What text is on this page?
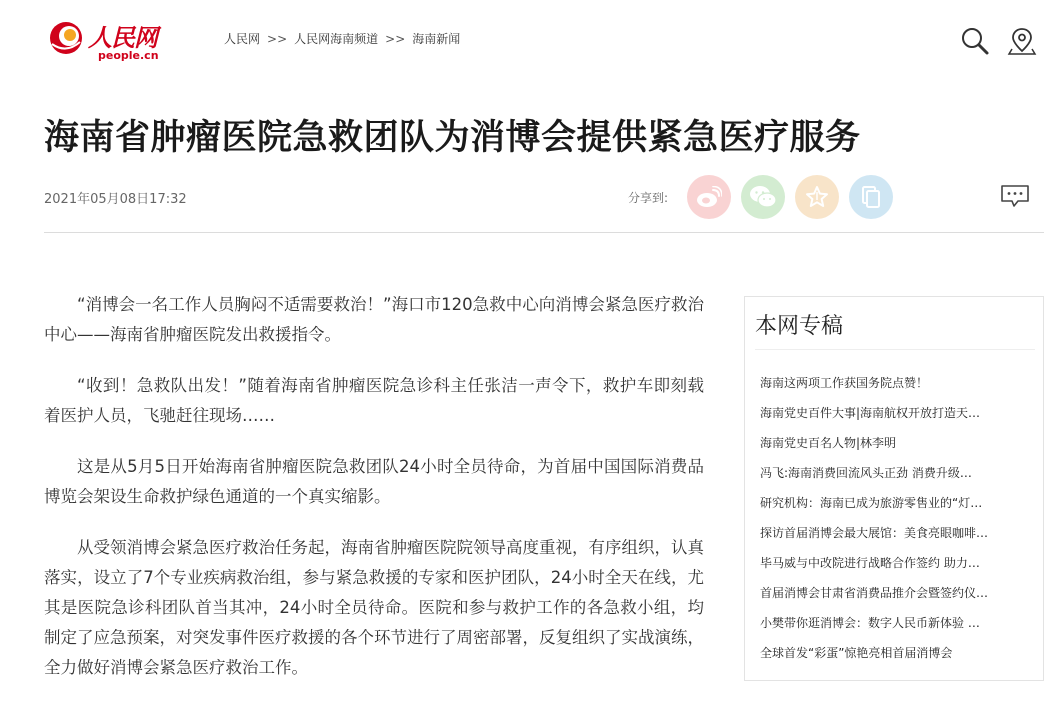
人民网
people.cn
人民网 >> 人民网海南频道 >> 海南新闻
海南省肿瘤医院急救团队为消博会提供紧急医疗服务
2021年05月08日17:32	分享到:

“消博会一名工作人员胸闷不适需要救治！”海口市120急救中心向消博会紧急医疗救治中心——海南省肿瘤医院发出救援指令。

“收到！急救队出发！”随着海南省肿瘤医院急诊科主任张洁一声令下，救护车即刻载着医护人员，飞驰赶往现场……

这是从5月5日开始海南省肿瘤医院急救团队24小时全员待命，为首届中国国际消费品博览会架设生命救护绿色通道的一个真实缩影。

从受领消博会紧急医疗救治任务起，海南省肿瘤医院院领导高度重视，有序组织，认真落实，设立了7个专业疾病救治组，参与紧急救援的专家和医护团队，24小时全天在线，尤其是医院急诊科团队首当其冲，24小时全员待命。医院和参与救护工作的各急救小组，均制定了应急预案，对突发事件医疗救援的各个环节进行了周密部署，反复组织了实战演练，全力做好消博会紧急医疗救治工作。

本网专稿
海南这两项工作获国务院点赞！
海南党史百件大事|海南航权开放打造天…
海南党史百名人物|林李明
冯飞:海南消费回流风头正劲 消费升级…
研究机构：海南已成为旅游零售业的“灯…
探访首届消博会最大展馆：美食亮眼咖啡…
毕马威与中改院进行战略合作签约 助力…
首届消博会甘肃省消费品推介会暨签约仪…
小樊带你逛消博会：数字人民币新体验 …
全球首发“彩蛋”惊艳亮相首届消博会
